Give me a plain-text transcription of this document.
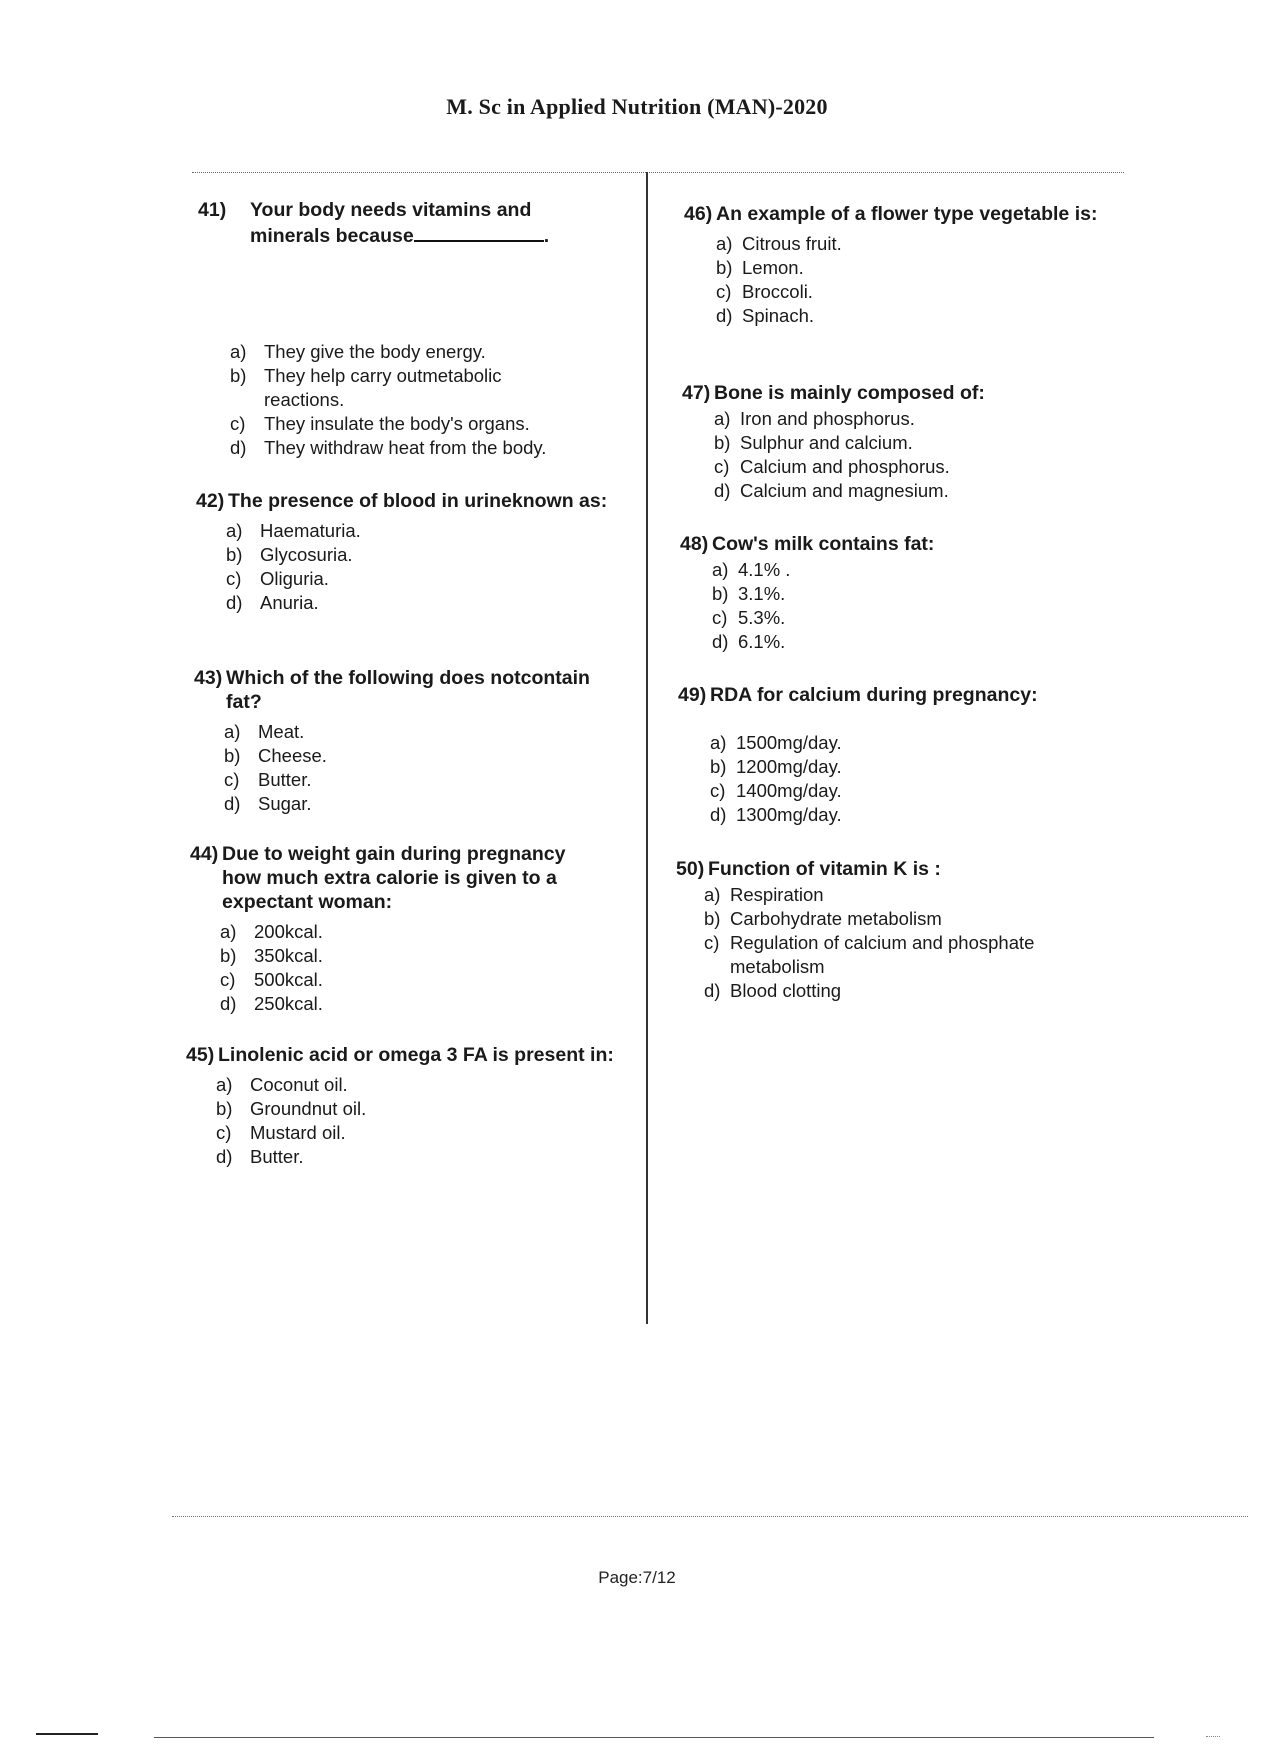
M. Sc in Applied Nutrition (MAN)-2020
41)	Your body needs vitamins and minerals because	.
a) They give the body energy.
b) They help carry outmetabolic reactions.
c)	They insulate the body's organs.
d) They withdraw heat from the body.
42) The presence of blood in urineknown as:
a) Haematuria.
b) Glycosuria.
c)	Oliguria.
d) Anuria.
43) Which of the following does notcontain fat?
a) Meat.
b) Cheese.
c)	Butter.
d) Sugar.
44) Due to weight gain during pregnancy how much extra calorie is given to a expectant woman:
a) 200kcal.
b) 350kcal.
c)	500kcal.
d) 250kcal.
45) Linolenic acid or omega 3 FA is present in:
a) Coconut oil.
b) Groundnut oil.
c)	Mustard oil.
d) Butter.
46) An example of a flower type vegetable is:
a) Citrous fruit.
b) Lemon.
c) Broccoli.
d) Spinach.
47) Bone is mainly composed of:
a) Iron and phosphorus.
b) Sulphur and calcium.
c) Calcium and phosphorus.
d) Calcium and magnesium.
48) Cow's milk contains fat:
a) 4.1% .
b) 3.1%.
c) 5.3%.
d) 6.1%.
49) RDA for calcium during pregnancy:
a) 1500mg/day.
b) 1200mg/day.
c) 1400mg/day.
d) 1300mg/day.
50) Function of vitamin K is :
a) Respiration
b) Carbohydrate metabolism
c) Regulation of calcium and phosphate metabolism
d) Blood clotting
Page:7/12
